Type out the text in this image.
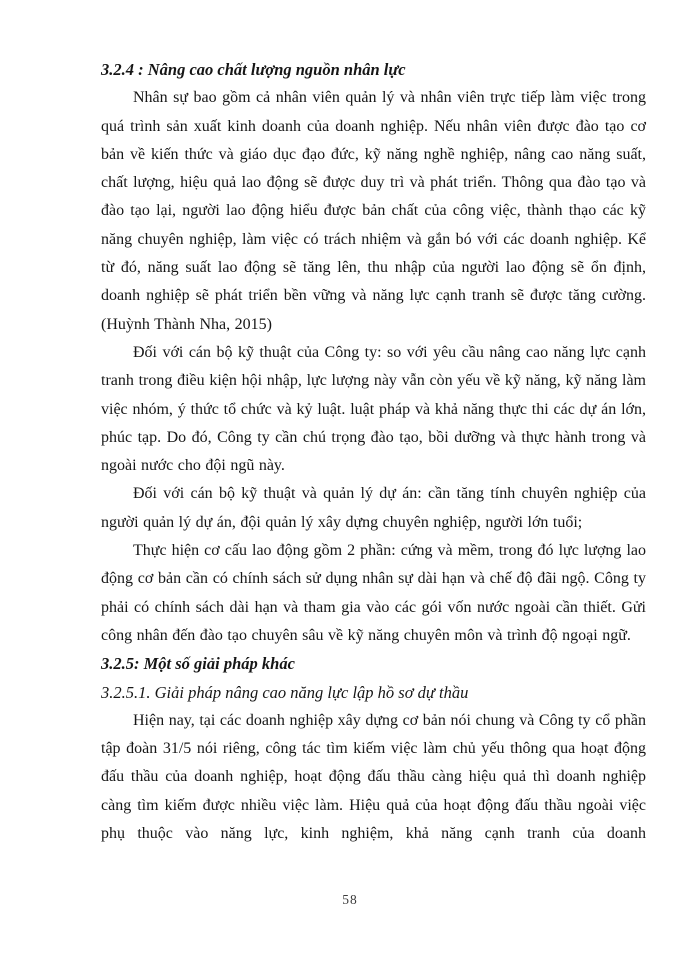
3.2.4 : Nâng cao chất lượng nguồn nhân lực

Nhân sự bao gồm cả nhân viên quản lý và nhân viên trực tiếp làm việc trong quá trình sản xuất kinh doanh của doanh nghiệp. Nếu nhân viên được đào tạo cơ bản về kiến thức và giáo dục đạo đức, kỹ năng nghề nghiệp, nâng cao năng suất, chất lượng, hiệu quả lao động sẽ được duy trì và phát triển. Thông qua đào tạo và đào tạo lại, người lao động hiểu được bản chất của công việc, thành thạo các kỹ năng chuyên nghiệp, làm việc có trách nhiệm và gắn bó với các doanh nghiệp. Kể từ đó, năng suất lao động sẽ tăng lên, thu nhập của người lao động sẽ ổn định, doanh nghiệp sẽ phát triển bền vững và năng lực cạnh tranh sẽ được tăng cường. (Huỳnh Thành Nha, 2015)

Đối với cán bộ kỹ thuật của Công ty: so với yêu cầu nâng cao năng lực cạnh tranh trong điều kiện hội nhập, lực lượng này vẫn còn yếu về kỹ năng, kỹ năng làm việc nhóm, ý thức tổ chức và kỷ luật. luật pháp và khả năng thực thi các dự án lớn, phúc tạp. Do đó, Công ty cần chú trọng đào tạo, bồi dưỡng và thực hành trong và ngoài nước cho đội ngũ này.

Đối với cán bộ kỹ thuật và quản lý dự án: cần tăng tính chuyên nghiệp của người quản lý dự án, đội quản lý xây dựng chuyên nghiệp, người lớn tuổi;

Thực hiện cơ cấu lao động gồm 2 phần: cứng và mềm, trong đó lực lượng lao động cơ bản cần có chính sách sử dụng nhân sự dài hạn và chế độ đãi ngộ. Công ty phải có chính sách dài hạn và tham gia vào các gói vốn nước ngoài cần thiết. Gửi công nhân đến đào tạo chuyên sâu về kỹ năng chuyên môn và trình độ ngoại ngữ.

3.2.5: Một số giải pháp khác
3.2.5.1. Giải pháp nâng cao năng lực lập hồ sơ dự thầu

Hiện nay, tại các doanh nghiệp xây dựng cơ bản nói chung và Công ty cổ phần tập đoàn 31/5 nói riêng, công tác tìm kiếm việc làm chủ yếu thông qua hoạt động đấu thầu của doanh nghiệp, hoạt động đấu thầu càng hiệu quả thì doanh nghiệp càng tìm kiếm được nhiều việc làm. Hiệu quả của hoạt động đấu thầu ngoài việc phụ thuộc vào năng lực, kinh nghiệm, khả năng cạnh tranh của doanh

58
